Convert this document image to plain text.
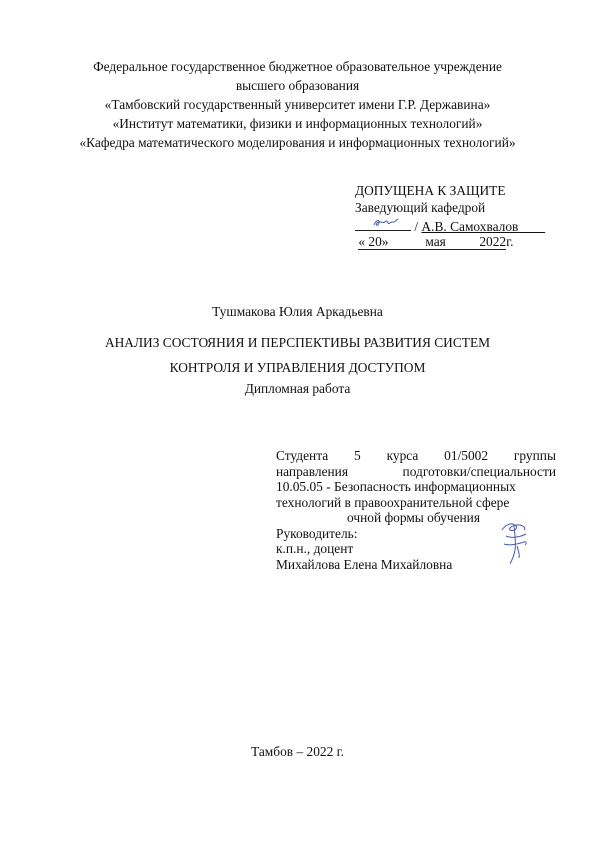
Федеральное государственное бюджетное образовательное учреждение
высшего образования
«Тамбовский государственный университет имени Г.Р. Державина»
«Институт математики, физики и информационных технологий»
«Кафедра математического моделирования и информационных технологий»
ДОПУЩЕНА К ЗАЩИТЕ
Заведующий кафедрой
/ А.В. Самохвалов
« 20»	мая 2022г.
Тушмакова Юлия Аркадьевна
АНАЛИЗ СОСТОЯНИЯ И ПЕРСПЕКТИВЫ РАЗВИТИЯ СИСТЕМ
КОНТРОЛЯ И УПРАВЛЕНИЯ ДОСТУПОМ
Дипломная работа
Студента 5 курса 01/5002 группы
направления	подготовки/специальности
10.05.05 - Безопасность информационных
технологий в правоохранительной сфере
очной формы обучения
Руководитель:
к.п.н., доцент
Михайлова Елена Михайловна
Тамбов – 2022 г.
